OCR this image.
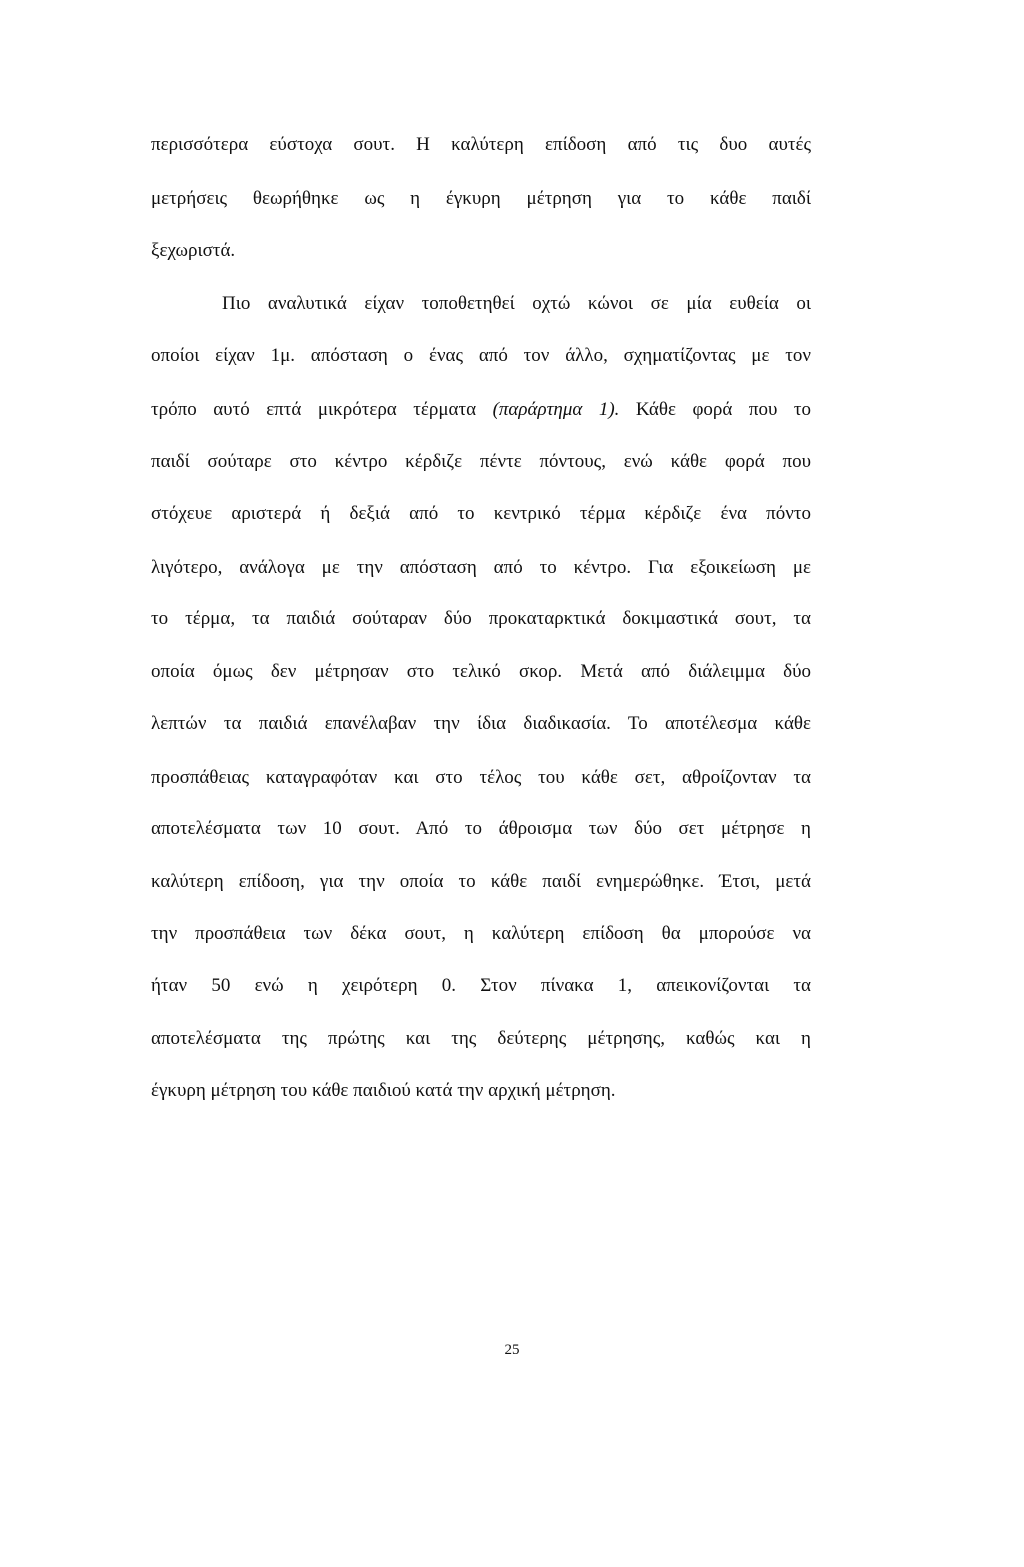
περισσότερα εύστοχα σουτ. Η καλύτερη επίδοση από τις δυο αυτές
μετρήσεις θεωρήθηκε ως η έγκυρη μέτρηση για το κάθε παιδί
ξεχωριστά.
Πιο αναλυτικά είχαν τοποθετηθεί οχτώ κώνοι σε μία ευθεία οι
οποίοι είχαν 1μ. απόσταση ο ένας από τον άλλο, σχηματίζοντας με τον
τρόπο αυτό επτά μικρότερα τέρματα (παράρτημα 1). Κάθε φορά που το
παιδί σούταρε στο κέντρο κέρδιζε πέντε πόντους, ενώ κάθε φορά που
στόχευε αριστερά ή δεξιά από το κεντρικό τέρμα κέρδιζε ένα πόντο
λιγότερο, ανάλογα με την απόσταση από το κέντρο. Για εξοικείωση με
το τέρμα, τα παιδιά σούταραν δύο προκαταρκτικά δοκιμαστικά σουτ, τα
οποία όμως δεν μέτρησαν στο τελικό σκορ. Μετά από διάλειμμα δύο
λεπτών τα παιδιά επανέλαβαν την ίδια διαδικασία. Το αποτέλεσμα κάθε
προσπάθειας καταγραφόταν και στο τέλος του κάθε σετ, αθροίζονταν τα
αποτελέσματα των 10 σουτ. Από το άθροισμα των δύο σετ μέτρησε η
καλύτερη επίδοση, για την οποία το κάθε παιδί ενημερώθηκε. Έτσι, μετά
την προσπάθεια των δέκα σουτ, η καλύτερη επίδοση θα μπορούσε να
ήταν 50 ενώ η χειρότερη 0. Στον πίνακα 1, απεικονίζονται τα
αποτελέσματα της πρώτης και της δεύτερης μέτρησης, καθώς και η
έγκυρη μέτρηση του κάθε παιδιού κατά την αρχική μέτρηση.
25
